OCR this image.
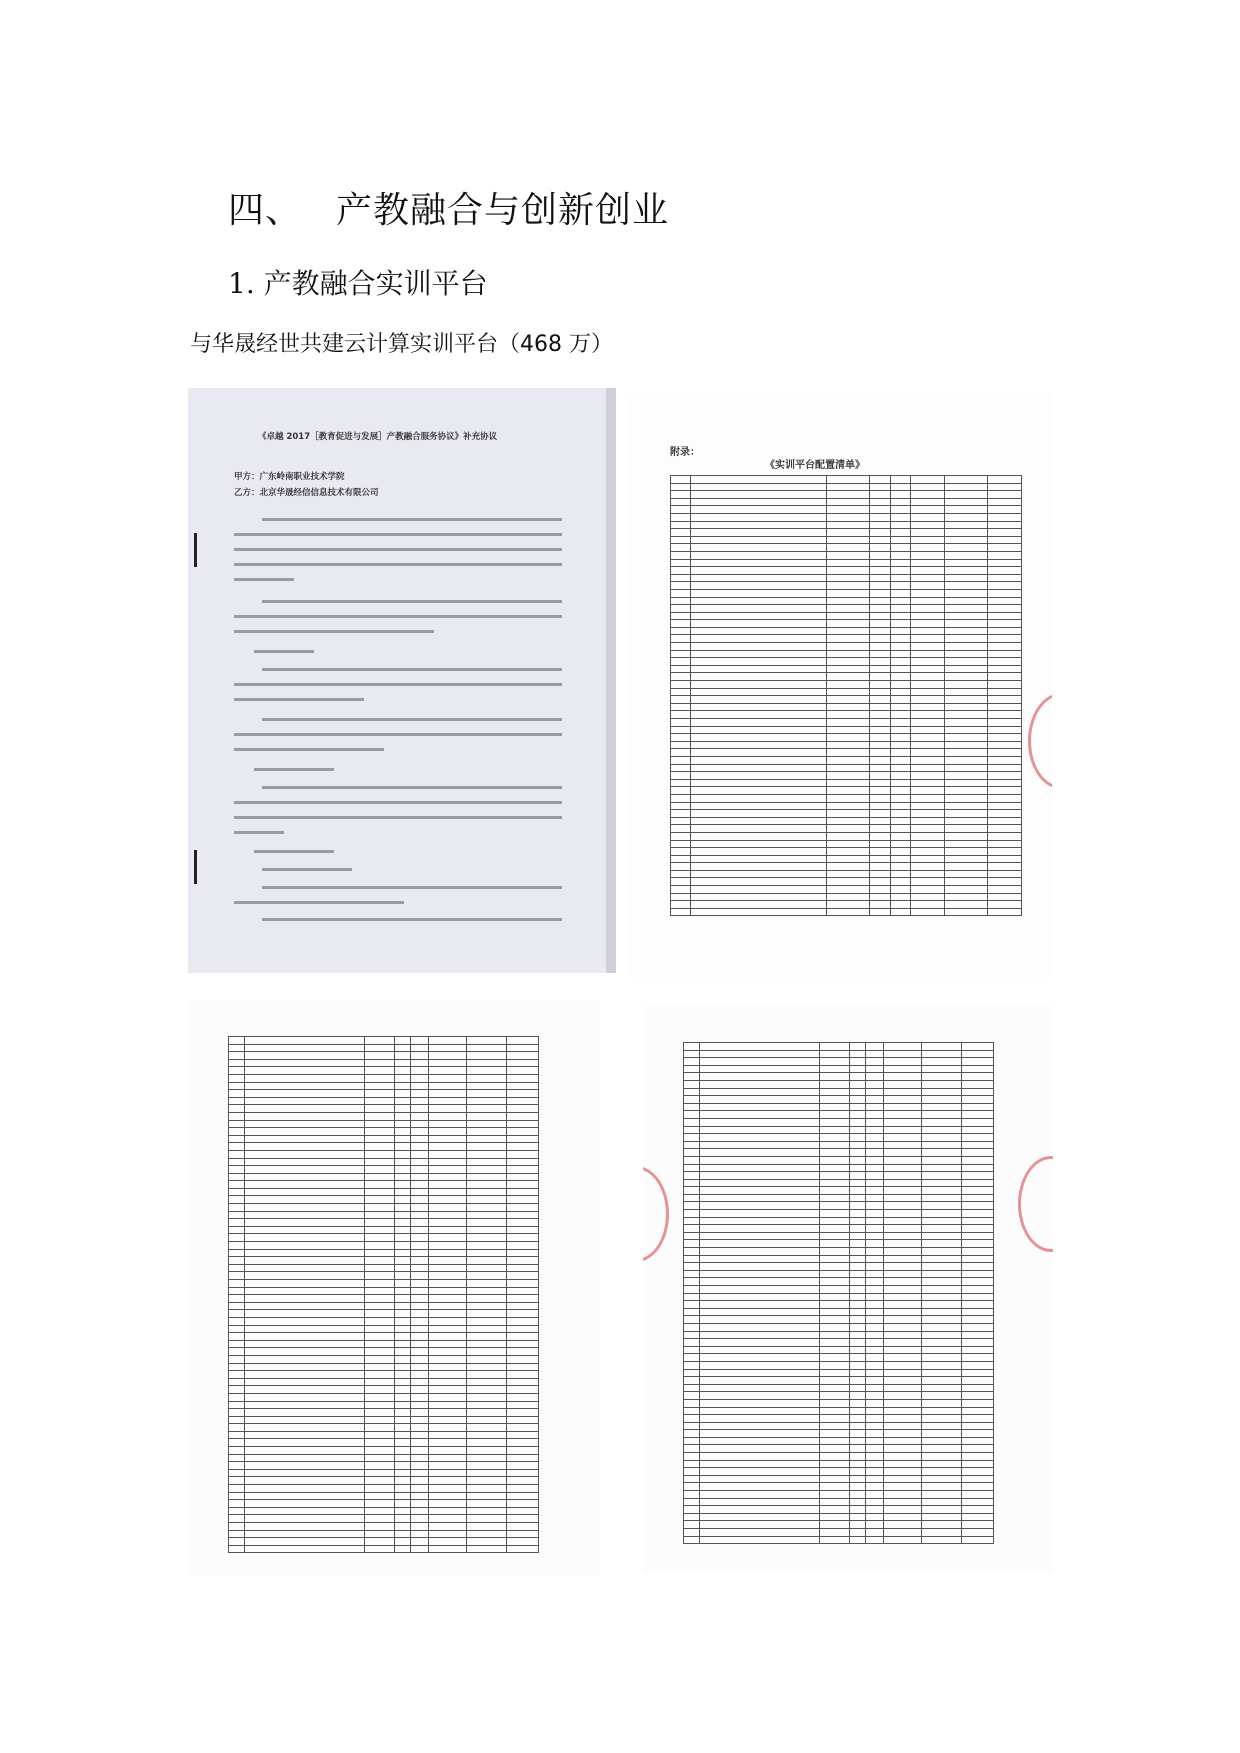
四、 产教融合与创新创业
1. 产教融合实训平台
与华晟经世共建云计算实训平台（468 万）
《卓越 2017［教育促进与发展］产教融合服务协议》补充协议
甲方：广东岭南职业技术学院
乙方：北京华晟经信信息技术有限公司
附录：
《实训平台配置清单》
